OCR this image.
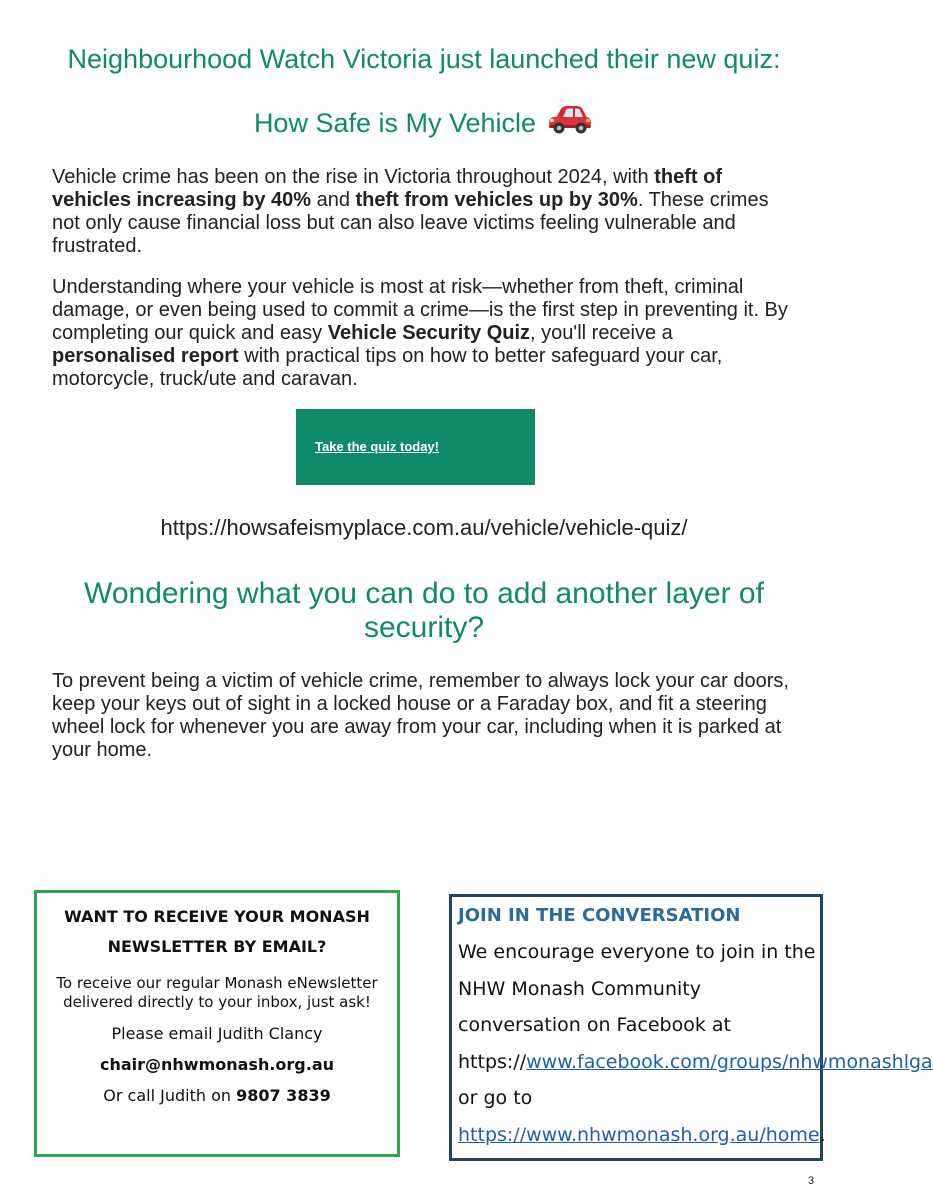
Neighbourhood Watch Victoria just launched their new quiz:
How Safe is My Vehicle

Vehicle crime has been on the rise in Victoria throughout 2024, with theft of vehicles increasing by 40% and theft from vehicles up by 30%. These crimes not only cause financial loss but can also leave victims feeling vulnerable and frustrated.

Understanding where your vehicle is most at risk—whether from theft, criminal damage, or even being used to commit a crime—is the first step in preventing it. By completing our quick and easy Vehicle Security Quiz, you'll receive a personalised report with practical tips on how to better safeguard your car, motorcycle, truck/ute and caravan.

Take the quiz today!
https://howsafeismyplace.com.au/vehicle/vehicle-quiz/
Wondering what you can do to add another layer of security?

To prevent being a victim of vehicle crime, remember to always lock your car doors, keep your keys out of sight in a locked house or a Faraday box, and fit a steering wheel lock for whenever you are away from your car, including when it is parked at your home.

WANT TO RECEIVE YOUR MONASH NEWSLETTER BY EMAIL?
To receive our regular Monash eNewsletter delivered directly to your inbox, just ask!
Please email Judith Clancy
chair@nhwmonash.org.au
Or call Judith on 9807 3839
JOIN IN THE CONVERSATION
We encourage everyone to join in the NHW Monash Community conversation on Facebook at https://www.facebook.com/groups/nhwmonashlga or go to https://www.nhwmonash.org.au/home.
3
